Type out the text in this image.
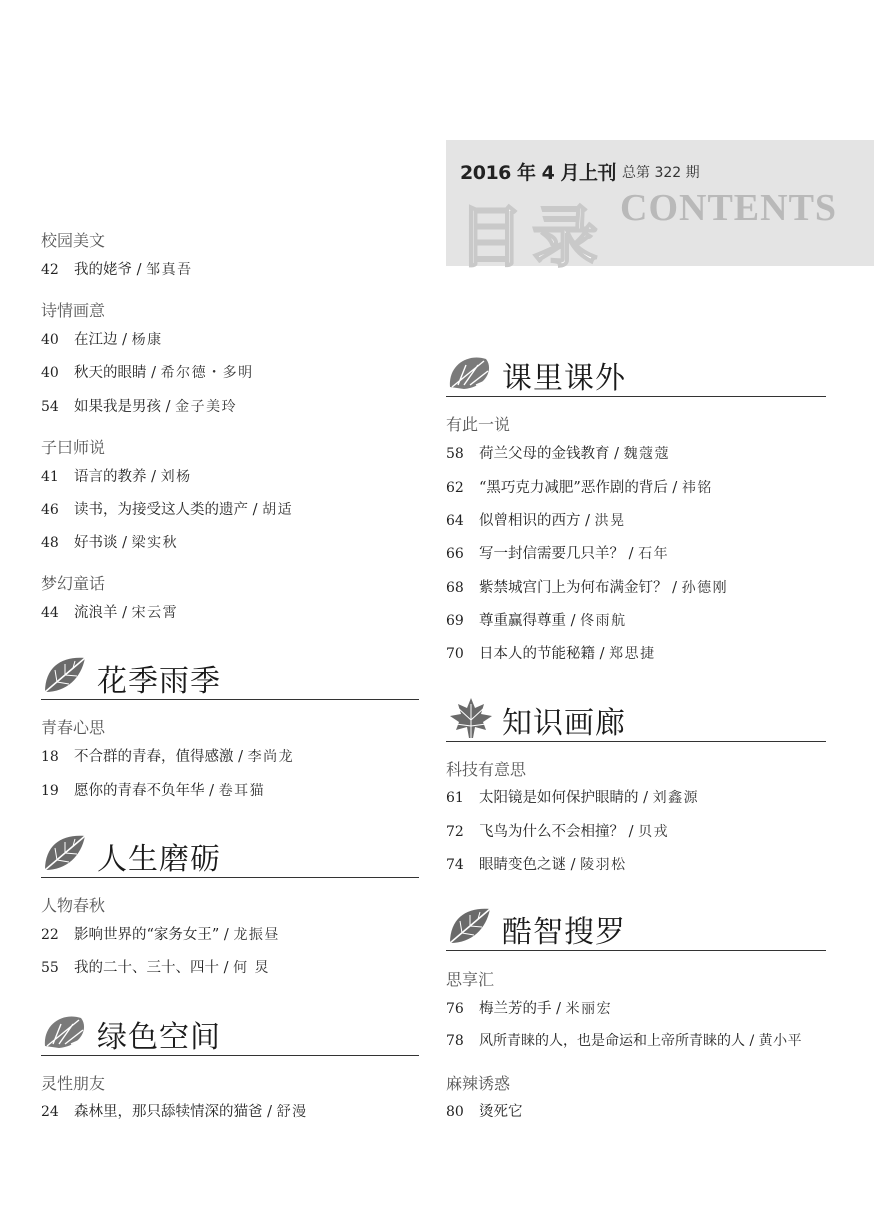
2016 年 4 月上刊 总第 322 期
目录 CONTENTS
校园美文
42 我的姥爷 / 邹真吾
诗情画意
40 在江边 / 杨康
40 秋天的眼睛 / 希尔德・多明
54 如果我是男孩 / 金子美玲
子曰师说
41 语言的教养 / 刘杨
46 读书，为接受这人类的遗产 / 胡适
48 好书谈 / 梁实秋
梦幻童话
44 流浪羊 / 宋云霄
花季雨季
青春心思
18 不合群的青春，值得感激 / 李尚龙
19 愿你的青春不负年华 / 卷耳猫
人生磨砺
人物春秋
22 影响世界的“家务女王” / 龙振昼
55 我的二十、三十、四十 / 何 炅
绿色空间
灵性朋友
24 森林里，那只舔犊情深的猫爸 / 舒漫
课里课外
有此一说
58 荷兰父母的金钱教育 / 魏蔻蔻
62 “黑巧克力减肥”恶作剧的背后 / 祎铭
64 似曾相识的西方 / 洪晃
66 写一封信需要几只羊？ / 石年
68 紫禁城宫门上为何布满金钉？ / 孙德刚
69 尊重赢得尊重 / 佟雨航
70 日本人的节能秘籍 / 郑思捷
知识画廊
科技有意思
61 太阳镜是如何保护眼睛的 / 刘鑫源
72 飞鸟为什么不会相撞？ / 贝戎
74 眼睛变色之谜 / 陵羽松
酷智搜罗
思享汇
76 梅兰芳的手 / 米丽宏
78 风所青睐的人，也是命运和上帝所青睐的人 / 黄小平
麻辣诱惑
80 烫死它
